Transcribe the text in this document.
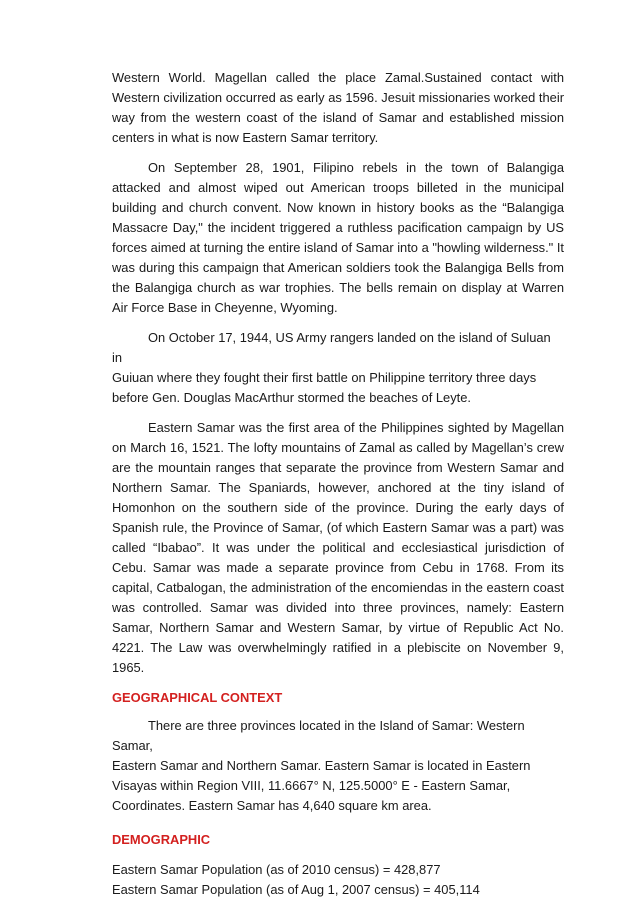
Western World. Magellan called the place Zamal.Sustained contact with Western civilization occurred as early as 1596. Jesuit missionaries worked their way from the western coast of the island of Samar and established mission centers in what is now Eastern Samar territory.

On September 28, 1901, Filipino rebels in the town of Balangiga attacked and almost wiped out American troops billeted in the municipal building and church convent. Now known in history books as the “Balangiga Massacre Day," the incident triggered a ruthless pacification campaign by US forces aimed at turning the entire island of Samar into a "howling wilderness." It was during this campaign that American soldiers took the Balangiga Bells from the Balangiga church as war trophies. The bells remain on display at Warren Air Force Base in Cheyenne, Wyoming.

On October 17, 1944, US Army rangers landed on the island of Suluan in

Guiuan where they fought their first battle on Philippine territory three days

before Gen. Douglas MacArthur stormed the beaches of Leyte.

Eastern Samar was the first area of the Philippines sighted by Magellan on March 16, 1521. The lofty mountains of Zamal as called by Magellan’s crew are the mountain ranges that separate the province from Western Samar and Northern Samar. The Spaniards, however, anchored at the tiny island of Homonhon on the southern side of the province. During the early days of Spanish rule, the Province of Samar, (of which Eastern Samar was a part) was called “Ibabao”. It was under the political and ecclesiastical jurisdiction of Cebu. Samar was made a separate province from Cebu in 1768. From its capital, Catbalogan, the administration of the encomiendas in the eastern coast was controlled. Samar was divided into three provinces, namely: Eastern Samar, Northern Samar and Western Samar, by virtue of Republic Act No. 4221. The Law was overwhelmingly ratified in a plebiscite on November 9, 1965.

GEOGRAPHICAL CONTEXT

There are three provinces located in the Island of Samar: Western Samar,

Eastern Samar and Northern Samar. Eastern Samar is located in Eastern

Visayas within Region VIII, 11.6667° N, 125.5000° E - Eastern Samar,

Coordinates. Eastern Samar has 4,640 square km area.

DEMOGRAPHIC

Eastern Samar Population (as of 2010 census) = 428,877

Eastern Samar Population (as of Aug 1, 2007 census) = 405,114
